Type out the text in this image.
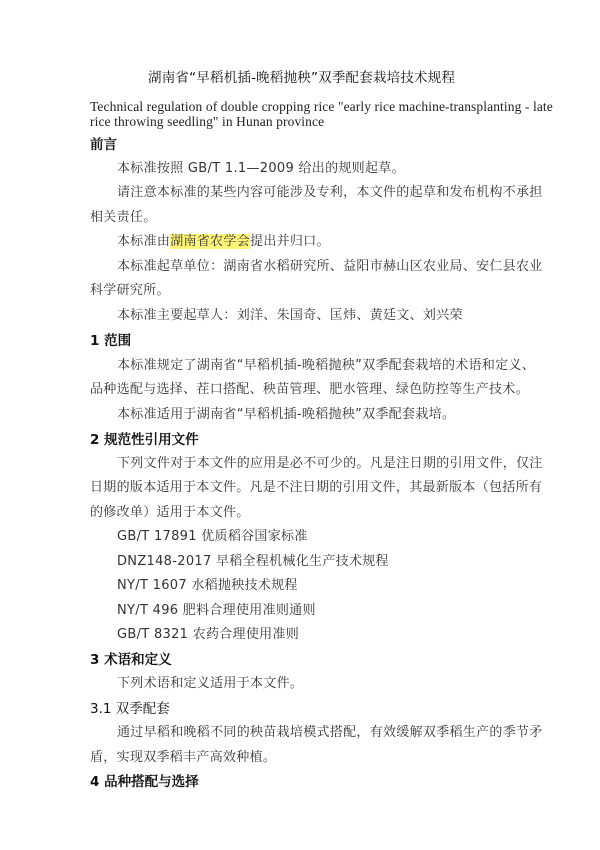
湖南省“早稻机插-晚稻抛秧”双季配套栽培技术规程
Technical regulation of double cropping rice "early rice machine-transplanting - late
rice throwing seedling" in Hunan province
前言
本标准按照 GB/T 1.1—2009 给出的规则起草。
请注意本标准的某些内容可能涉及专利，本文件的起草和发布机构不承担
相关责任。
本标准由湖南省农学会提出并归口。
本标准起草单位：湖南省水稻研究所、益阳市赫山区农业局、安仁县农业
科学研究所。
本标准主要起草人：刘洋、朱国奇、匡炜、黄廷文、刘兴荣
1 范围
本标准规定了湖南省“早稻机插-晚稻抛秧”双季配套栽培的术语和定义、
品种选配与选择、茬口搭配、秧苗管理、肥水管理、绿色防控等生产技术。
本标准适用于湖南省“早稻机插-晚稻抛秧”双季配套栽培。
2 规范性引用文件
下列文件对于本文件的应用是必不可少的。凡是注日期的引用文件，仅注
日期的版本适用于本文件。凡是不注日期的引用文件，其最新版本（包括所有
的修改单）适用于本文件。
GB/T 17891 优质稻谷国家标准
DNZ148-2017 早稻全程机械化生产技术规程
NY/T 1607 水稻抛秧技术规程
NY/T 496 肥料合理使用准则通则
GB/T 8321 农药合理使用准则
3 术语和定义
下列术语和定义适用于本文件。
3.1 双季配套
通过早稻和晚稻不同的秧苗栽培模式搭配，有效缓解双季稻生产的季节矛
盾，实现双季稻丰产高效种植。
4 品种搭配与选择
